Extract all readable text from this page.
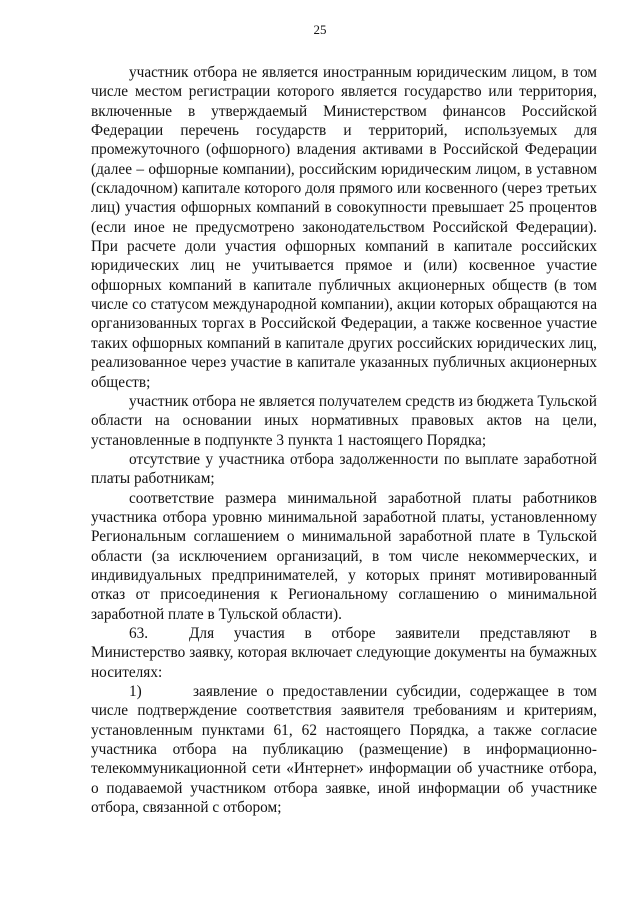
25

участник отбора не является иностранным юридическим лицом, в том числе местом регистрации которого является государство или территория, включенные в утверждаемый Министерством финансов Российской Федерации перечень государств и территорий, используемых для промежуточного (офшорного) владения активами в Российской Федерации (далее – офшорные компании), российским юридическим лицом, в уставном (складочном) капитале которого доля прямого или косвенного (через третьих лиц) участия офшорных компаний в совокупности превышает 25 процентов (если иное не предусмотрено законодательством Российской Федерации). При расчете доли участия офшорных компаний в капитале российских юридических лиц не учитывается прямое и (или) косвенное участие офшорных компаний в капитале публичных акционерных обществ (в том числе со статусом международной компании), акции которых обращаются на организованных торгах в Российской Федерации, а также косвенное участие таких офшорных компаний в капитале других российских юридических лиц, реализованное через участие в капитале указанных публичных акционерных обществ;

участник отбора не является получателем средств из бюджета Тульской области на основании иных нормативных правовых актов на цели, установленные в подпункте 3 пункта 1 настоящего Порядка;

отсутствие у участника отбора задолженности по выплате заработной платы работникам;

соответствие размера минимальной заработной платы работников участника отбора уровню минимальной заработной платы, установленному Региональным соглашением о минимальной заработной плате в Тульской области (за исключением организаций, в том числе некоммерческих, и индивидуальных предпринимателей, у которых принят мотивированный отказ от присоединения к Региональному соглашению о минимальной заработной плате в Тульской области).

63.	Для участия в отборе заявители представляют в Министерство заявку, которая включает следующие документы на бумажных носителях:

1)	заявление о предоставлении субсидии, содержащее в том числе подтверждение соответствия заявителя требованиям и критериям, установленным пунктами 61, 62 настоящего Порядка, а также согласие участника отбора на публикацию (размещение) в информационно-телекоммуникационной сети «Интернет» информации об участнике отбора, о подаваемой участником отбора заявке, иной информации об участнике отбора, связанной с отбором;
